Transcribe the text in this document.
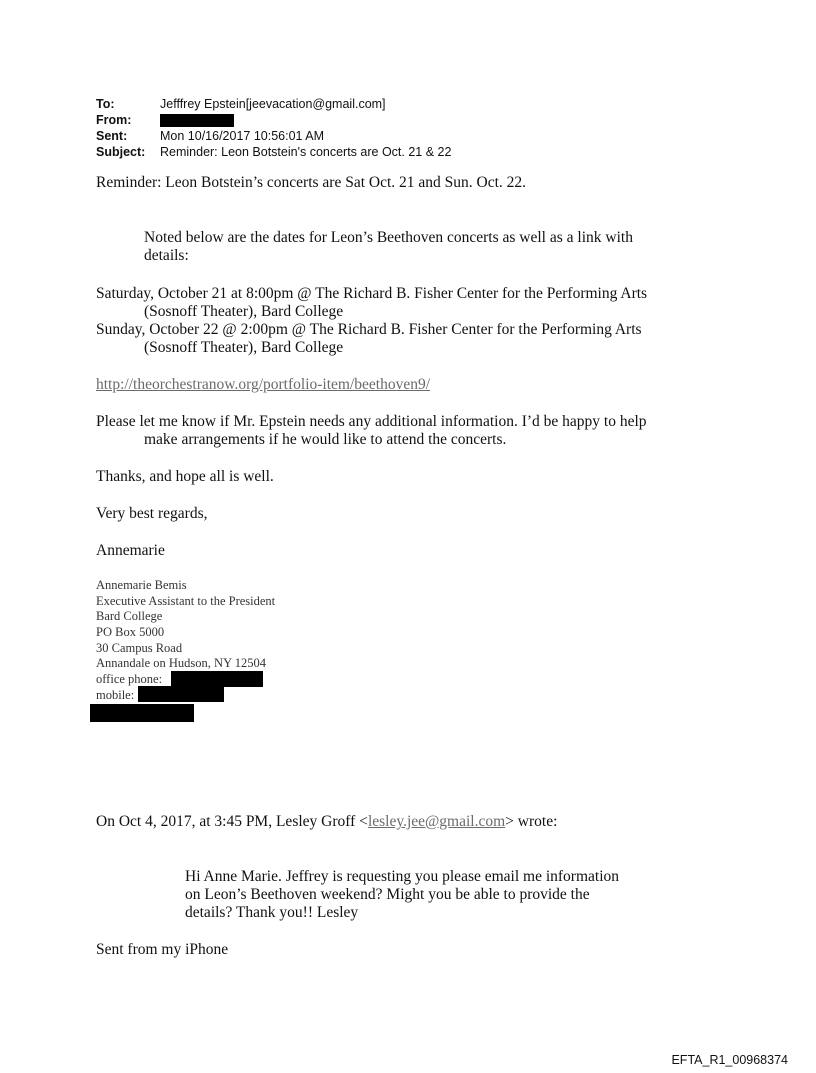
To:	Jefffrey Epstein[jeevacation@gmail.com]
From:
Sent:	Mon 10/16/2017 10:56:01 AM
Subject: Reminder: Leon Botstein's concerts are Oct. 21 & 22
Reminder: Leon Botstein’s concerts are Sat Oct. 21 and Sun. Oct. 22.
Noted below are the dates for Leon’s Beethoven concerts as well as a link with
details:
Saturday, October 21 at 8:00pm @ The Richard B. Fisher Center for the Performing Arts
(Sosnoff Theater), Bard College
Sunday, October 22 @ 2:00pm @ The Richard B. Fisher Center for the Performing Arts
(Sosnoff Theater), Bard College
http://theorchestranow.org/portfolio-item/beethoven9/
Please let me know if Mr. Epstein needs any additional information. I’d be happy to help
make arrangements if he would like to attend the concerts.
Thanks, and hope all is well.
Very best regards,
Annemarie
Annemarie Bemis
Executive Assistant to the President
Bard College
PO Box 5000
30 Campus Road
Annandale on Hudson, NY 12504
office phone:
mobile:
On Oct 4, 2017, at 3:45 PM, Lesley Groff <lesley.jee@gmail.com> wrote:
Hi Anne Marie. Jeffrey is requesting you please email me information
on Leon’s Beethoven weekend? Might you be able to provide the
details? Thank you!! Lesley
Sent from my iPhone
EFTA_R1_00968374
